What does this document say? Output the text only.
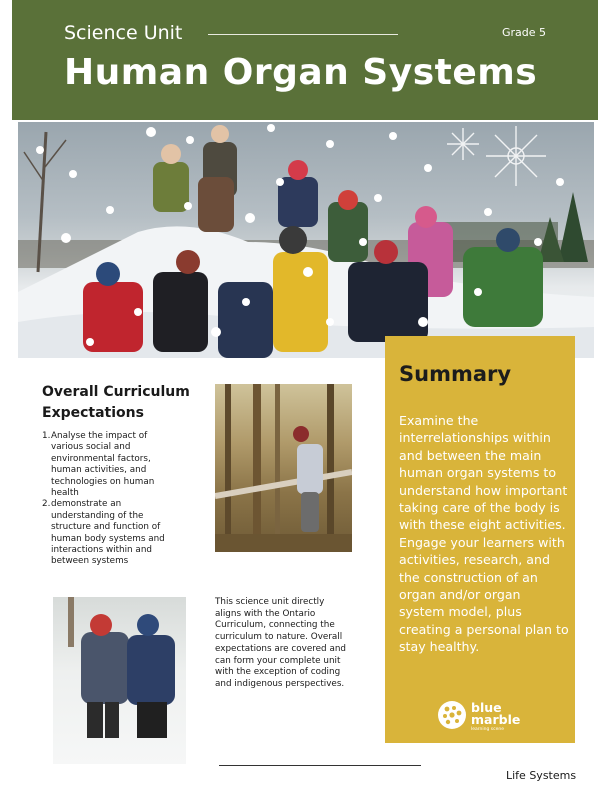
Science Unit	Grade 5
Human Organ Systems
Overall Curriculum Expectations
1. Analyse the impact of various social and environmental factors, human activities, and technologies on human health
2. demonstrate an understanding of the structure and function of human body systems and interactions within and between systems

This science unit directly aligns with the Ontario Curriculum, connecting the curriculum to nature. Overall expectations are covered and can form your complete unit with the exception of coding and indigenous perspectives.

Summary

Examine the interrelationships within and between the main human organ systems to understand how important taking care of the body is with these eight activities. Engage your learners with activities, research, and the construction of an organ and/or organ system model, plus creating a personal plan to stay healthy.

blue
marble
learning scene
Life Systems
